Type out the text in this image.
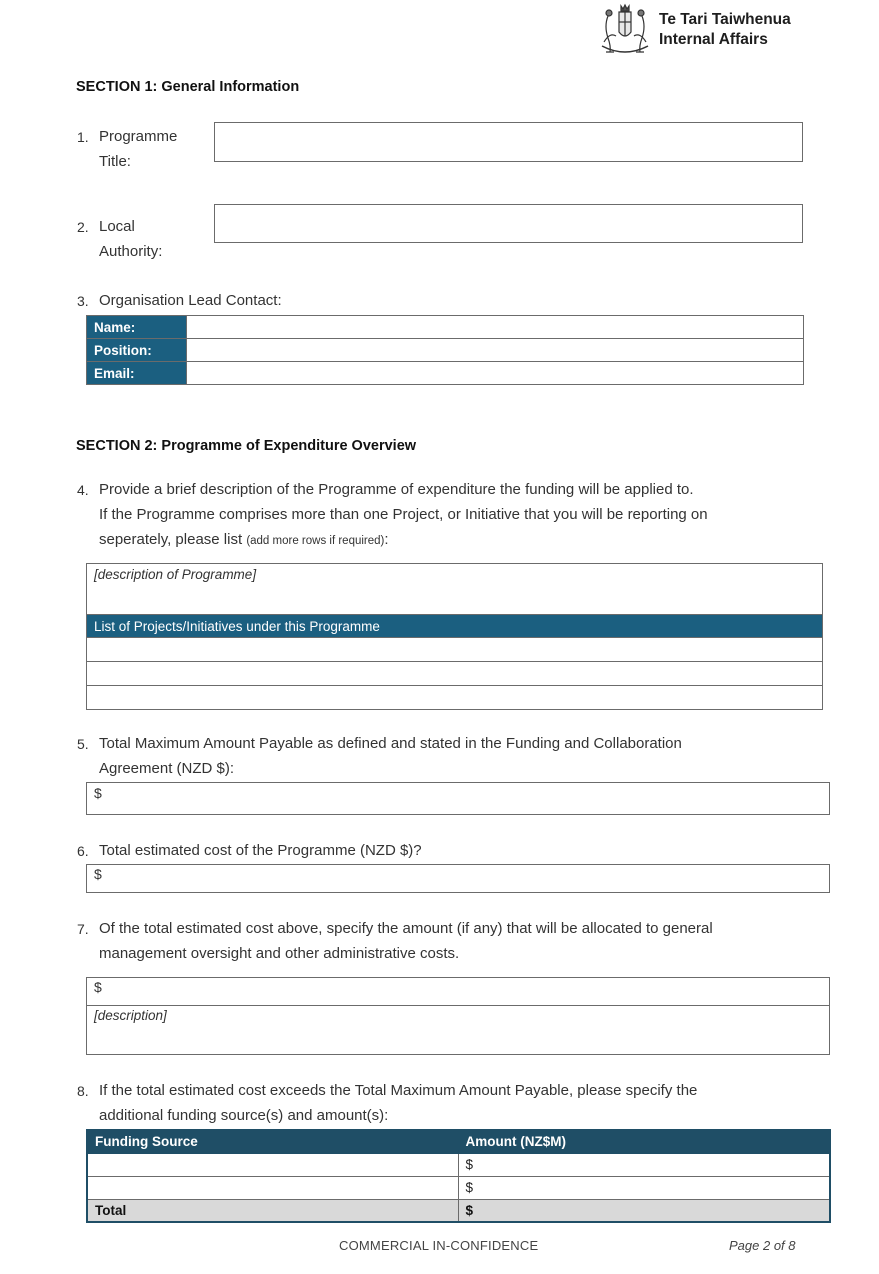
Te Tari Taiwhenua
Internal Affairs
SECTION 1: General Information
1. Programme
Title:
2. Local
Authority:
3. Organisation Lead Contact:
Name:	
Position:	
Email:	
SECTION 2: Programme of Expenditure Overview
4. Provide a brief description of the Programme of expenditure the funding will be applied to.
If the Programme comprises more than one Project, or Initiative that you will be reporting on
seperately, please list (add more rows if required):
[description of Programme]
List of Projects/Initiatives under this Programme

5. Total Maximum Amount Payable as defined and stated in the Funding and Collaboration
Agreement (NZD $):
$
6. Total estimated cost of the Programme (NZD $)?
$
7. Of the total estimated cost above, specify the amount (if any) that will be allocated to general
management oversight and other administrative costs.
$
[description]
8. If the total estimated cost exceeds the Total Maximum Amount Payable, please specify the
additional funding source(s) and amount(s):
Funding Source	Amount (NZ$M)
	$
	$
Total	$
COMMERCIAL IN-CONFIDENCE	Page 2 of 8
